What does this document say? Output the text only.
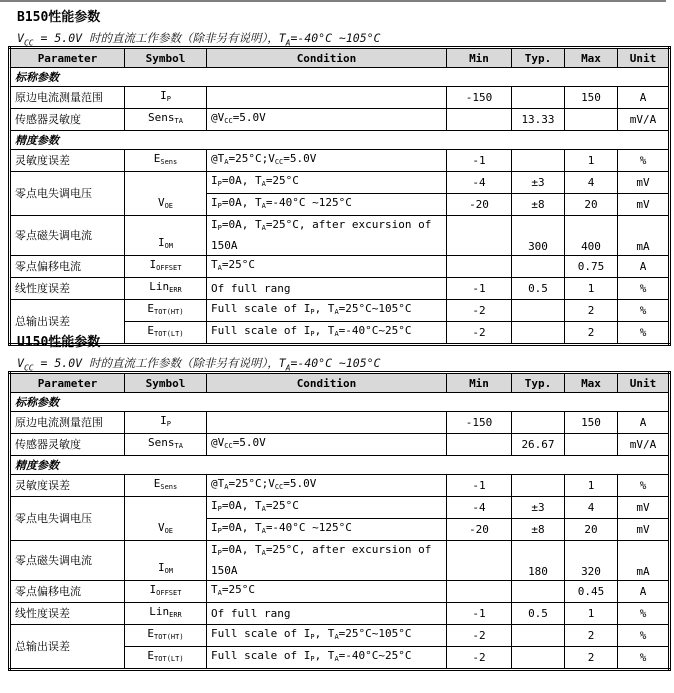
B150性能参数
$V_{CC} = 5.0V$ 时的直流工作参数（除非另有说明），$T_A=-40^\circ C$ ~105°C
Parameter	Symbol	Condition	Min	Typ.	Max	Unit
标称参数						
原边电流测量范围	$I_P$		-150		150	A
传感器灵敏度	Sens$_{TA}$	$@V_{CC}=5.0V$		13.33		mV/A
精度参数						
灵敏度误差	$E_{Sens}$	$@T_A=25^\circ C;V_{CC}=5.0V$	-1		1	%
零点电失调电压	$V_{OE}$	$I_P=0A$, $T_A=25^\circ C$	-4	±3	4	mV
		$I_P=0A$, $T_A=-40^\circ C$ ~125°C	-20	±8	20	mV
零点磁失调电流	$I_{OM}$	$I_P=0A$, $T_A=25^\circ C$, after excursion of 150A		300	400	mA
零点偏移电流	$I_{OFFSET}$	$T_A=25^\circ C$			0.75	A
线性度误差	Lin$_{ERR}$	Of full rang	-1	0.5	1	%
总输出误差	$E_{TOT(HT)}$	Full scale of $I_P$, $T_A=25^\circ C\sim 105^\circ C$	-2		2	%
	$E_{TOT(LT)}$	Full scale of $I_P$, $T_A=-40^\circ C\sim 25^\circ C$	-2		2	%
U150性能参数
$V_{CC} = 5.0V$ 时的直流工作参数（除非另有说明），$T_A=-40^\circ C$ ~105°C
Parameter	Symbol	Condition	Min	Typ.	Max	Unit
标称参数						
原边电流测量范围	$I_P$		-150		150	A
传感器灵敏度	Sens$_{TA}$	$@V_{CC}=5.0V$		26.67		mV/A
精度参数						
灵敏度误差	$E_{Sens}$	$@T_A=25^\circ C;V_{CC}=5.0V$	-1		1	%
零点电失调电压	$V_{OE}$	$I_P=0A$, $T_A=25^\circ C$	-4	±3	4	mV
		$I_P=0A$, $T_A=-40^\circ C$ ~125°C	-20	±8	20	mV
零点磁失调电流	$I_{OM}$	$I_P=0A$, $T_A=25^\circ C$, after excursion of 150A		180	320	mA
零点偏移电流	$I_{OFFSET}$	$T_A=25^\circ C$			0.45	A
线性度误差	Lin$_{ERR}$	Of full rang	-1	0.5	1	%
总输出误差	$E_{TOT(HT)}$	Full scale of $I_P$, $T_A=25^\circ C\sim 105^\circ C$	-2		2	%
	$E_{TOT(LT)}$	Full scale of $I_P$, $T_A=-40^\circ C\sim 25^\circ C$	-2		2	%
